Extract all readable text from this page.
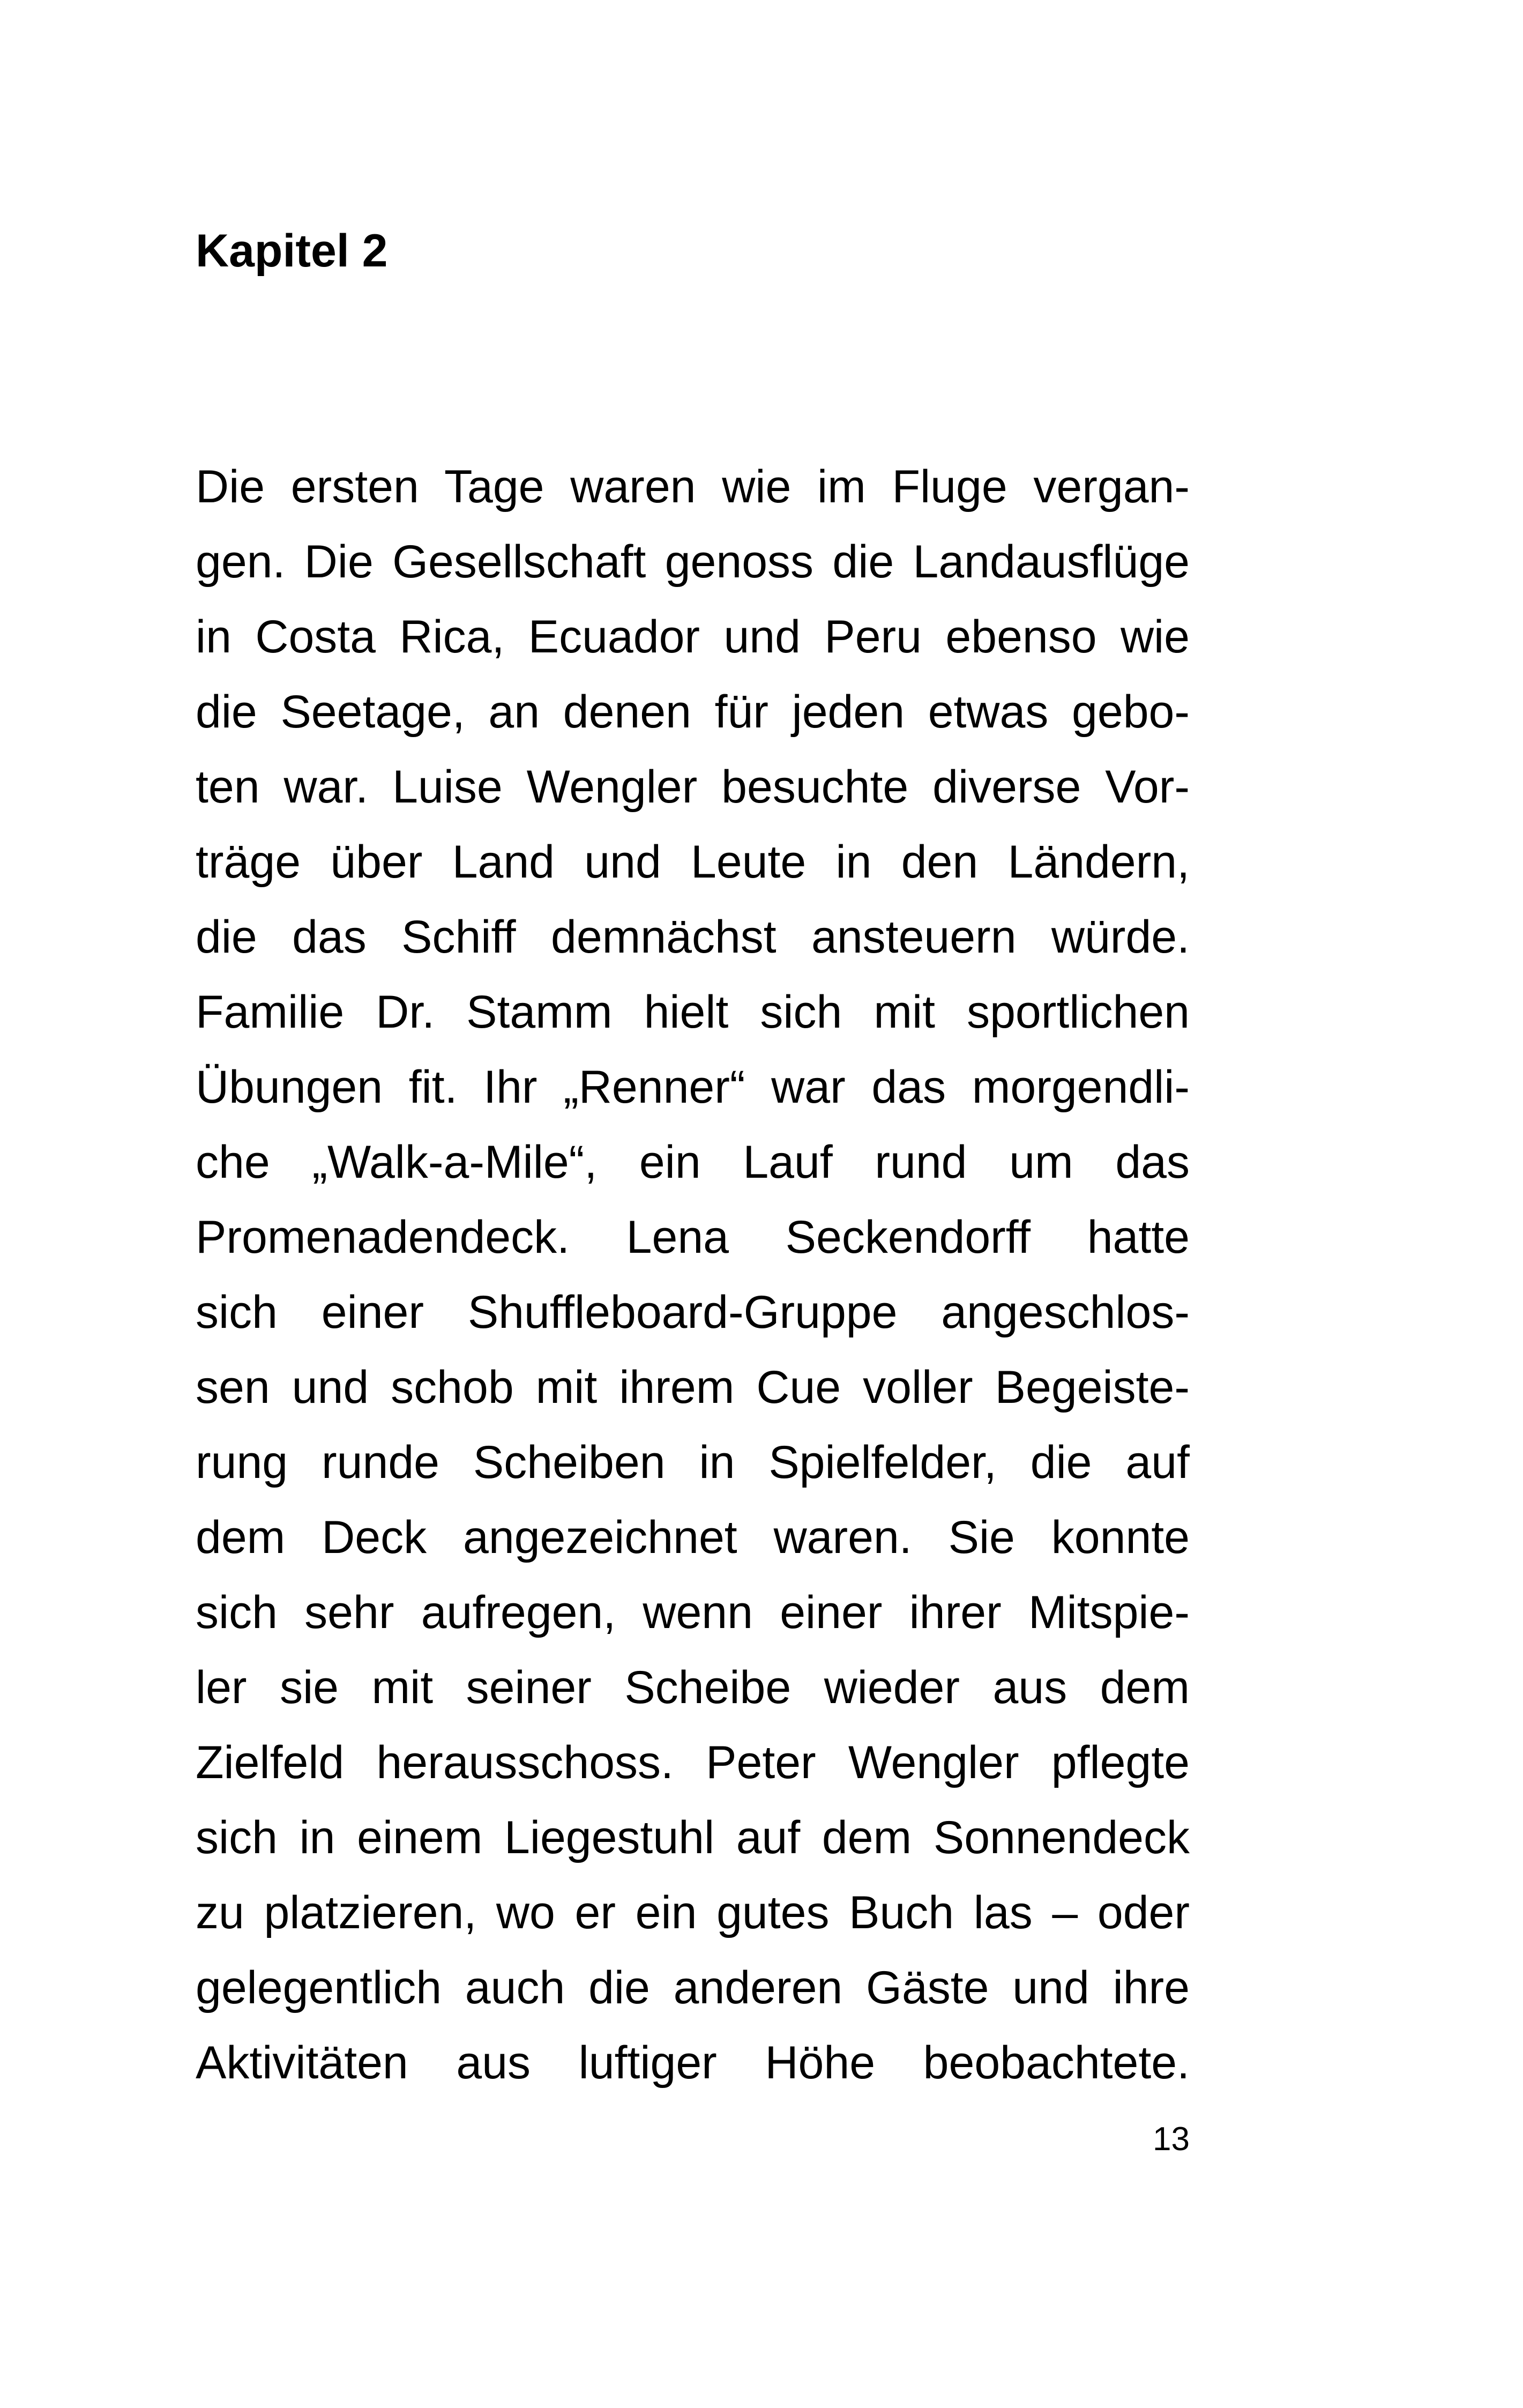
Kapitel 2
Die ersten Tage waren wie im Fluge vergan-
gen. Die Gesellschaft genoss die Landausflüge
in Costa Rica, Ecuador und Peru ebenso wie
die Seetage, an denen für jeden etwas gebo-
ten war. Luise Wengler besuchte diverse Vor-
träge über Land und Leute in den Ländern,
die das Schiff demnächst ansteuern würde.
Familie Dr. Stamm hielt sich mit sportlichen
Übungen fit. Ihr „Renner“ war das morgendli-
che „Walk-a-Mile“, ein Lauf rund um das
Promenadendeck. Lena Seckendorff hatte
sich einer Shuffleboard-Gruppe angeschlos-
sen und schob mit ihrem Cue voller Begeiste-
rung runde Scheiben in Spielfelder, die auf
dem Deck angezeichnet waren. Sie konnte
sich sehr aufregen, wenn einer ihrer Mitspie-
ler sie mit seiner Scheibe wieder aus dem
Zielfeld herausschoss. Peter Wengler pflegte
sich in einem Liegestuhl auf dem Sonnendeck
zu platzieren, wo er ein gutes Buch las – oder
gelegentlich auch die anderen Gäste und ihre
Aktivitäten aus luftiger Höhe beobachtete.
13
